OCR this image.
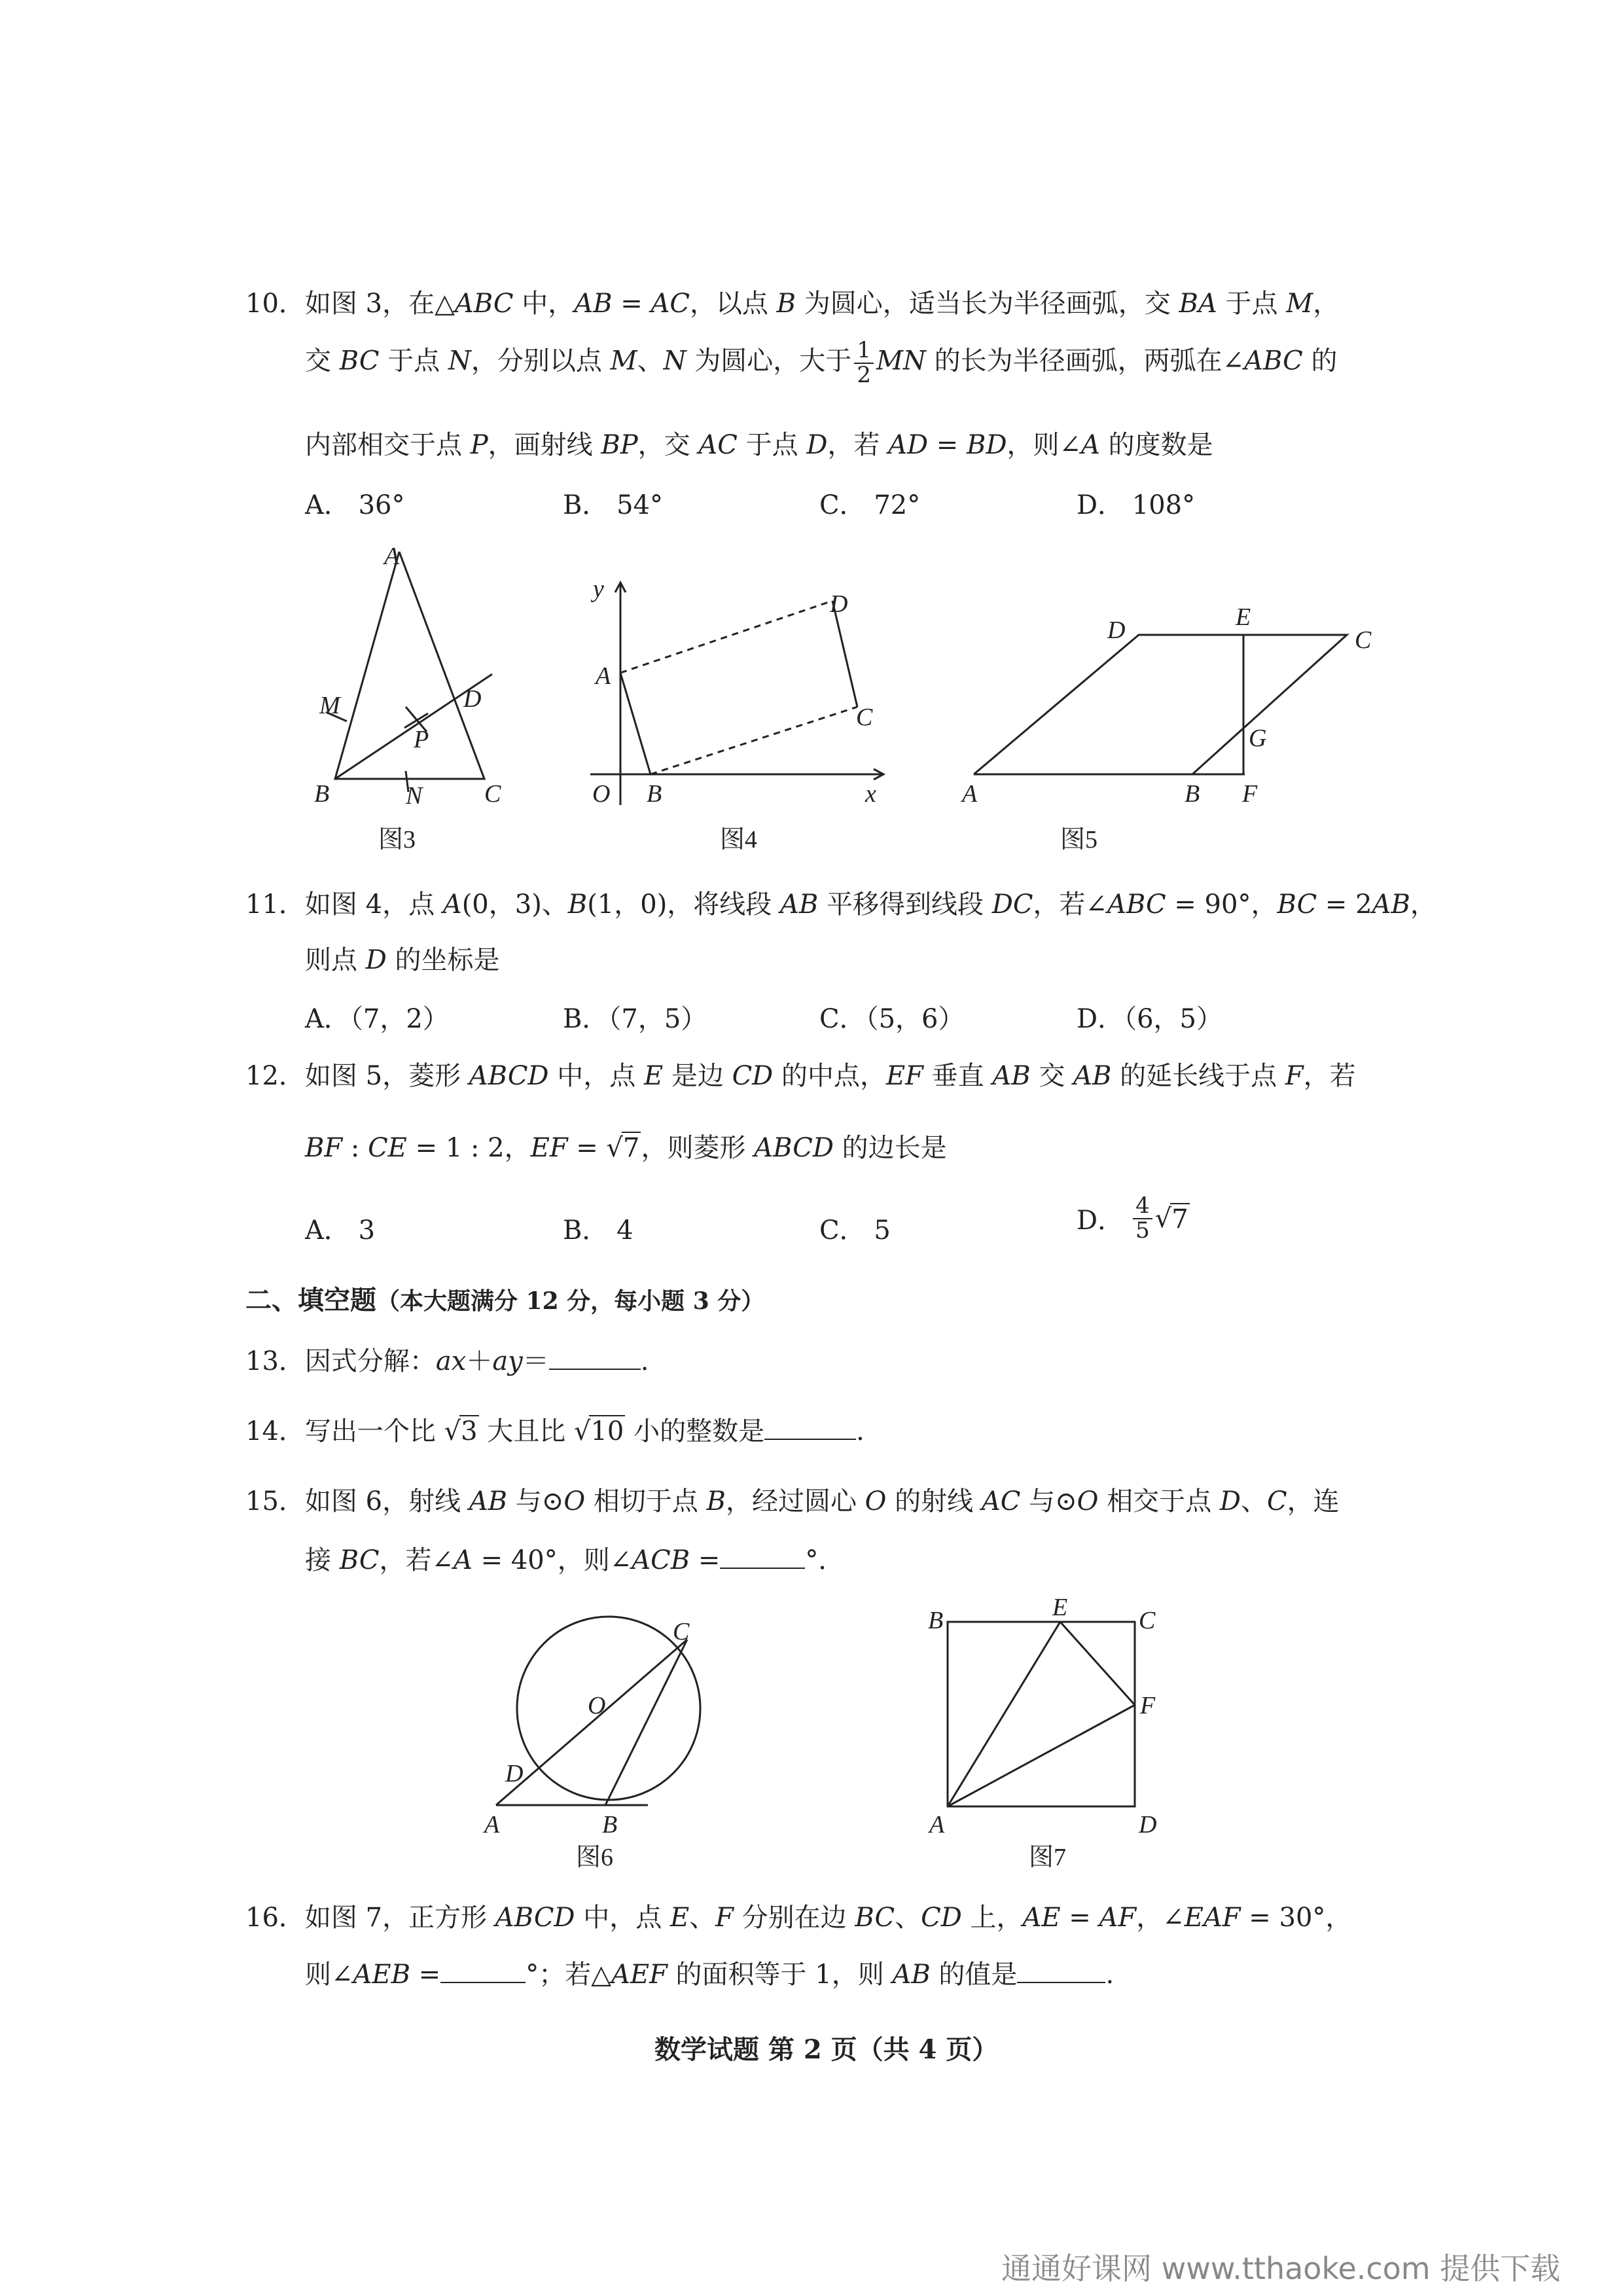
10．如图 3，在△ABC 中，AB = AC，以点 B 为圆心，适当长为半径画弧，交 BA 于点 M，
交 BC 于点 N，分别以点 M、N 为圆心，大于 $\frac{1}{2}$ MN 的长为半径画弧，两弧在∠ABC 的
内部相交于点 P，画射线 BP，交 AC 于点 D，若 AD = BD，则∠A 的度数是
A． 36°	B． 54°	C． 72°	D． 108°
A
B	C
D
M
N
P
图3
y
x
O
A
B
C
D
图4
A	B
C
D	E
F
G
图5
A	B
C
D
O
图6
A
B	C
D
E
F
图7
11．如图 4，点 A(0，3)、B(1，0)，将线段 AB 平移得到线段 DC，若∠ABC = 90°，BC = 2AB，
则点 D 的坐标是
A．（7，2）	B．（7，5）	C．（5，6）	D．（6，5）
12．如图 5，菱形 ABCD 中，点 E 是边 CD 的中点，EF 垂直 AB 交 AB 的延长线于点 F，若
BF : CE = 1 : 2，EF = √7，则菱形 ABCD 的边长是
A． 3	B． 4	C． 5	D． $\frac{4}{5}$ √ 7
二、填空题（本大题满分 12 分，每小题 3 分）
13．因式分解：ax＋ay＝	.
14．写出一个比 √3 大且比 √10 小的整数是	.
15．如图 6，射线 AB 与⊙O 相切于点 B，经过圆心 O 的射线 AC 与⊙O 相交于点 D、C，连
接 BC，若∠A = 40°，则∠ACB =	°．
16．如图 7，正方形 ABCD 中，点 E、F 分别在边 BC、CD 上，AE = AF，∠EAF = 30°，
则∠AEB =	°；若△AEF 的面积等于 1，则 AB 的值是	.
数学试题 第 2 页（共 4 页）
通通好课网 www.tthaoke.com 提供下载
